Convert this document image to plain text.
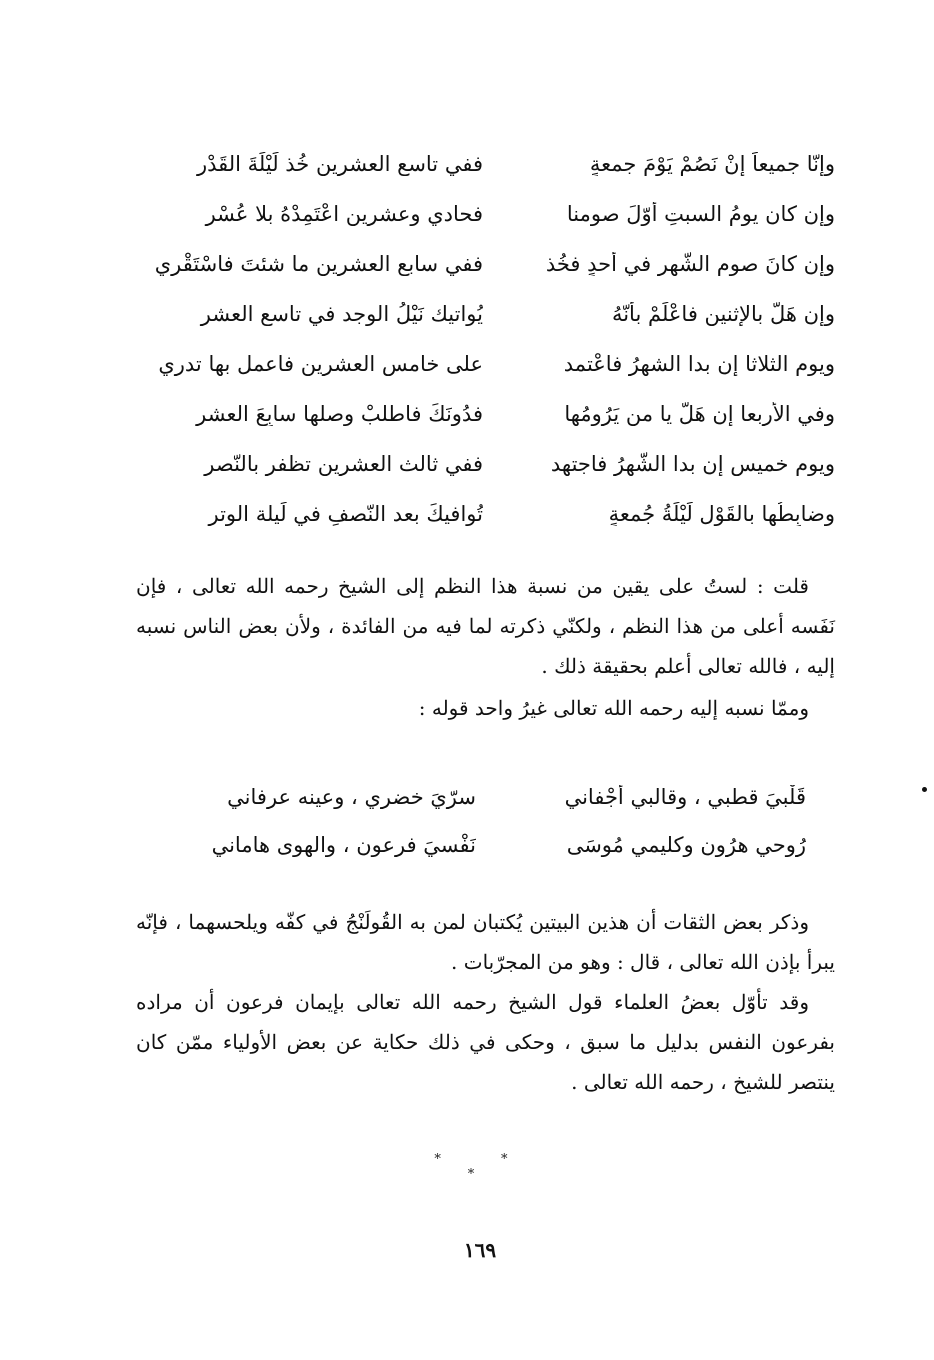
وإنّا جميعاً إنْ نَصُمْ يَوْمَ جمعةٍ
ففي تاسع العشرين خُذ لَيْلَةَ القَدْرِ
وإن كان يومُ السبتِ أوّلَ صومنا
فحادي وعشرين اعْتَمِدْهُ بلا عُسْرِ
وإن كانَ صوم الشّهر في أحدٍ فخُذ
ففي سابع العشرين ما شئتَ فاسْتَقْرِي
وإن هَلّ بالإثنين فاعْلَمْ بأنّهُ
يُواتيك نَيْلُ الوجد في تاسع العشر
ويوم الثلاثا إن بدا الشهرُ فاعْتمد
على خامسِ العشرين فاعمل بها تدري
وفي الأربعا إن هَلّ يا من يَرُومُها
فدُونَكَ فاطلبْ وصلها سابِعَ العشر
ويوم خميس إن بدا الشّهرُ فاجتهد
ففي ثالث العشرين تظفر بالنّصر
وضابِطُها بالقَوْلِ لَيْلَةُ جُمعةٍ
تُوافيكَ بعد النّصفِ في لَيلة الوتر

قلت : لستُ على يقين من نسبة هذا النظم إلى الشيخ رحمه الله تعالى ، فإن نَفَسه أعلى من هذا النظم ، ولكنّي ذكرته لما فيه من الفائدة ، ولأن بعض الناس نسبه إليه ، فالله تعالى أعلم بحقيقة ذلك .

وممّا نسبه إليه رحمه الله تعالى غيرُ واحد قوله :

قَلْبيَ قطبي ، وقالبي أجْفاني
سرّيَ خضري ، وعينه عرفاني
رُوحي هرُون وكليمي مُوسَى
نَفْسيَ فرعون ، والهوى هاماني

وذكر بعض الثقات أن هذين البيتين يُكتبان لمن به القُولَنْجُ في كفّه ويلحسهما ، فإنّه يبرأ بإذن الله تعالى ، قال : وهو من المجرّبات .

وقد تأوّل بعضُ العلماء قول الشيخ رحمه الله تعالى بإيمان فرعون أن مراده بفرعون النفس بدليل ما سبق ، وحكى في ذلك حكاية عن بعض الأولياء ممّن كان ينتصر للشيخ ، رحمه الله تعالى .

* * *
١٦٩
